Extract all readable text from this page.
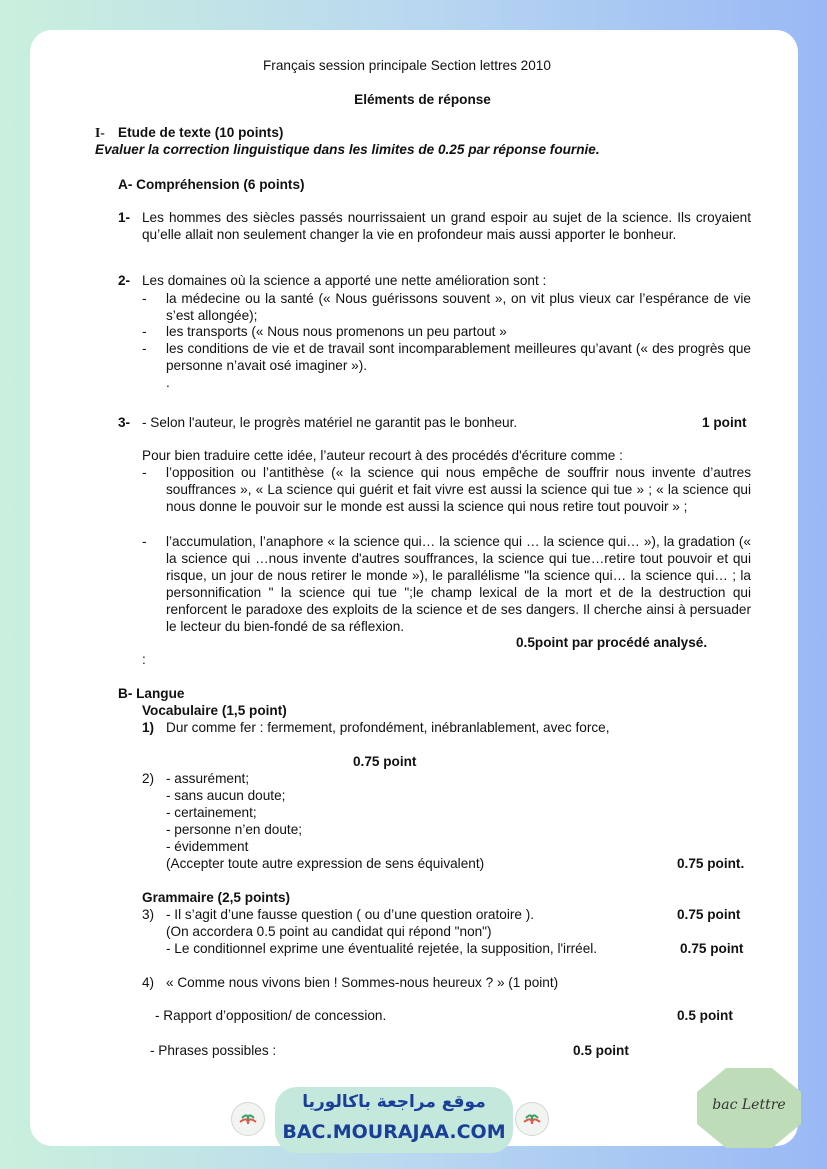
Français session principale Section lettres 2010
Eléments de réponse
I- Etude de texte (10 points)
Evaluer la correction linguistique dans les limites de 0.25 par réponse fournie.
A- Compréhension (6 points)
1- Les hommes des siècles passés nourrissaient un grand espoir au sujet de la science. Ils croyaient qu’elle allait non seulement changer la vie en profondeur mais aussi apporter le bonheur.
2- Les domaines où la science a apporté une nette amélioration sont :
- la médecine ou la santé (« Nous guérissons souvent », on vit plus vieux car l’espérance de vie s’est allongée);
- les transports (« Nous nous promenons un peu partout »
- les conditions de vie et de travail sont incomparablement meilleures qu’avant (« des progrès que personne n’avait osé imaginer »).
.
3- - Selon l'auteur, le progrès matériel ne garantit pas le bonheur.	1 point
Pour bien traduire cette idée, l’auteur recourt à des procédés d'écriture comme :
- l’opposition ou l’antithèse (« la science qui nous empêche de souffrir nous invente d’autres souffrances », « La science qui guérit et fait vivre est aussi la science qui tue » ; « la science qui nous donne le pouvoir sur le monde est aussi la science qui nous retire tout pouvoir » ;
- l’accumulation, l’anaphore « la science qui… la science qui … la science qui… »), la gradation (« la science qui …nous invente d'autres souffrances, la science qui tue…retire tout pouvoir et qui risque, un jour de nous retirer le monde »), le parallélisme "la science qui… la science qui… ; la personnification " la science qui tue ";le champ lexical de la mort et de la destruction qui renforcent le paradoxe des exploits de la science et de ses dangers. Il cherche ainsi à persuader le lecteur du bien-fondé de sa réflexion.
0.5point par procédé analysé.
:
B- Langue
Vocabulaire (1,5 point)
1) Dur comme fer : fermement, profondément, inébranlablement, avec force,
0.75 point
2) - assurément;
- sans aucun doute;
- certainement;
- personne n’en doute;
- évidemment
(Accepter toute autre expression de sens équivalent)	0.75 point.
Grammaire (2,5 points)
3) - Il s’agit d’une fausse question ( ou d’une question oratoire ).	0.75 point
(On accordera 0.5 point au candidat qui répond "non")
- Le conditionnel exprime une éventualité rejetée, la supposition, l'irréel.	0.75 point
4) « Comme nous vivons bien ! Sommes-nous heureux ? » (1 point)
- Rapport d’opposition/ de concession.	0.5 point
- Phrases possibles :	0.5 point
موقع مراجعة باكالوريا
BAC.MOURAJAA.COM
bac Lettre
